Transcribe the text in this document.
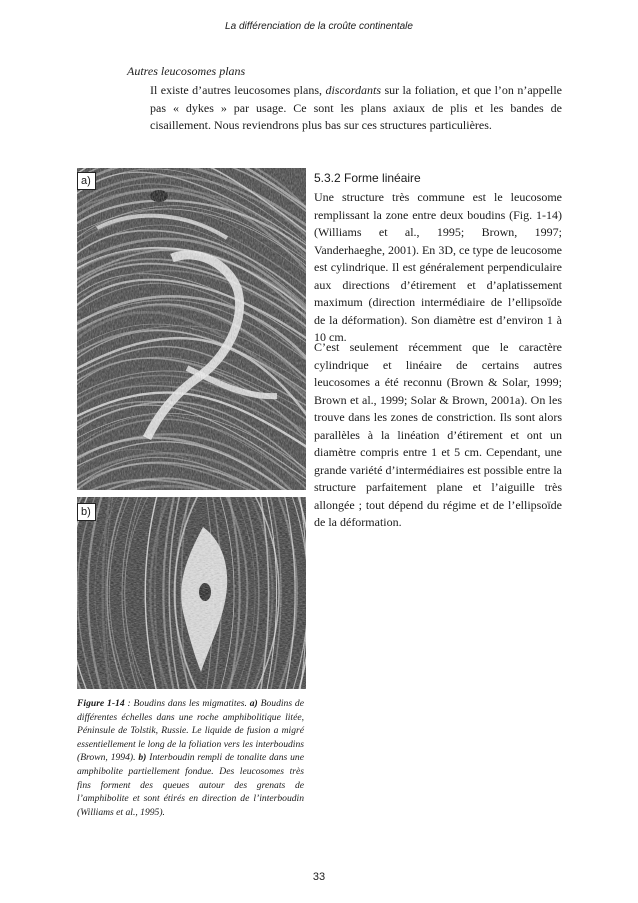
La différenciation de la croûte continentale
Autres leucosomes plans

Il existe d’autres leucosomes plans, discordants sur la foliation, et que l’on n’appelle pas « dykes » par usage. Ce sont les plans axiaux de plis et les bandes de cisaillement. Nous reviendrons plus bas sur ces structures particulières.

a)
b)

Figure 1-14 : Boudins dans les migmatites. a) Boudins de différentes échelles dans une roche amphibolitique litée, Péninsule de Tolstik, Russie. Le liquide de fusion a migré essentiellement le long de la foliation vers les interboudins (Brown, 1994). b) Interboudin rempli de tonalite dans une amphibolite partiellement fondue. Des leucosomes très fins forment des queues autour des grenats de l’amphibolite et sont étirés en direction de l’interboudin (Williams et al., 1995).

5.3.2 Forme linéaire

Une structure très commune est le leucosome remplissant la zone entre deux boudins (Fig. 1-14) (Williams et al., 1995; Brown, 1997; Vanderhaeghe, 2001). En 3D, ce type de leucosome est cylindrique. Il est généralement perpendiculaire aux directions d’étirement et d’aplatissement maximum (direction intermédiaire de l’ellipsoïde de la déformation). Son diamètre est d’environ 1 à 10 cm.

C’est seulement récemment que le caractère cylindrique et linéaire de certains autres leucosomes a été reconnu (Brown & Solar, 1999; Brown et al., 1999; Solar & Brown, 2001a). On les trouve dans les zones de constriction. Ils sont alors parallèles à la linéation d’étirement et ont un diamètre compris entre 1 et 5 cm. Cependant, une grande variété d’intermédiaires est possible entre la structure parfaitement plane et l’aiguille très allongée ; tout dépend du régime et de l’ellipsoïde de la déformation.

33
